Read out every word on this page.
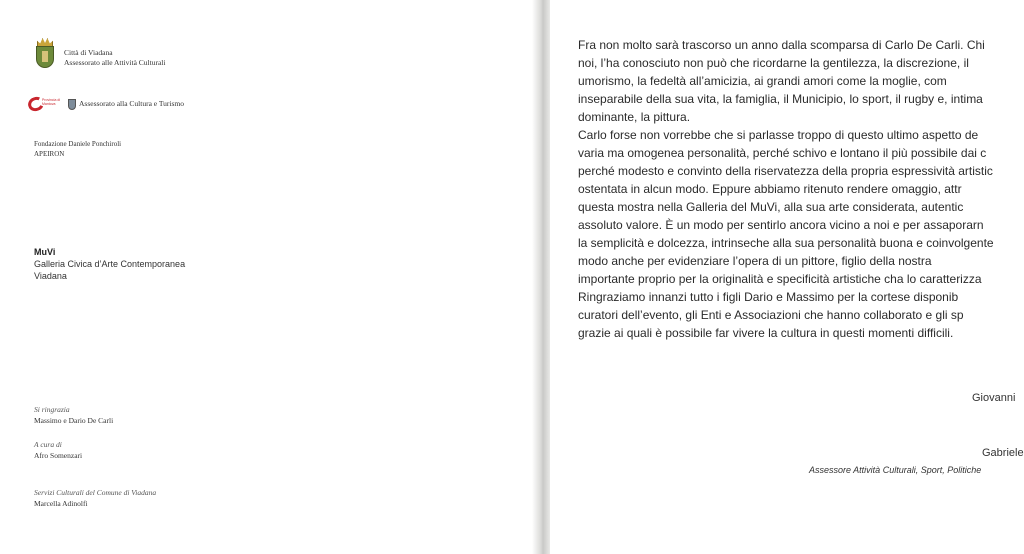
Città di Viadana
Assessorato alle Attività Culturali
Provincia di Mantova	Assessorato alla Cultura e Turismo
Fondazione Daniele Ponchiroli
APEIRON
MuVi
Galleria Civica d’Arte Contemporanea
Viadana
Si ringrazia
Massimo e Dario De Carli
A cura di
Afro Somenzari
Servizi Culturali del Comune di Viadana
Marcella Adinolfi
Fra non molto sarà trascorso un anno dalla scomparsa di Carlo De Carli. Chi
noi, l’ha conosciuto non può che ricordarne la gentilezza, la discrezione, il
umorismo, la fedeltà all’amicizia, ai grandi amori come la moglie, com
inseparabile della sua vita, la famiglia, il Municipio, lo sport, il rugby e, intima
dominante, la pittura.
Carlo forse non vorrebbe che si parlasse troppo di questo ultimo aspetto de
varia ma omogenea personalità, perché schivo e lontano il più possibile dai c
perché modesto e convinto della riservatezza della propria espressività artistic
ostentata in alcun modo. Eppure abbiamo ritenuto rendere omaggio, attr
questa mostra nella Galleria del MuVi, alla sua arte considerata, autentic
assoluto valore. È un modo per sentirlo ancora vicino a noi e per assaporarn
la semplicità e dolcezza, intrinseche alla sua personalità buona e coinvolgente
modo anche per evidenziare l’opera di un pittore, figlio della nostra
importante proprio per la originalità e specificità artistiche cha lo caratterizza
Ringraziamo innanzi tutto i figli Dario e Massimo per la cortese disponib
curatori dell’evento, gli Enti e Associazioni che hanno collaborato e gli sp
grazie ai quali è possibile far vivere la cultura in questi momenti difficili.
Giovanni
Gabriele
Assessore Attività Culturali, Sport, Politiche
